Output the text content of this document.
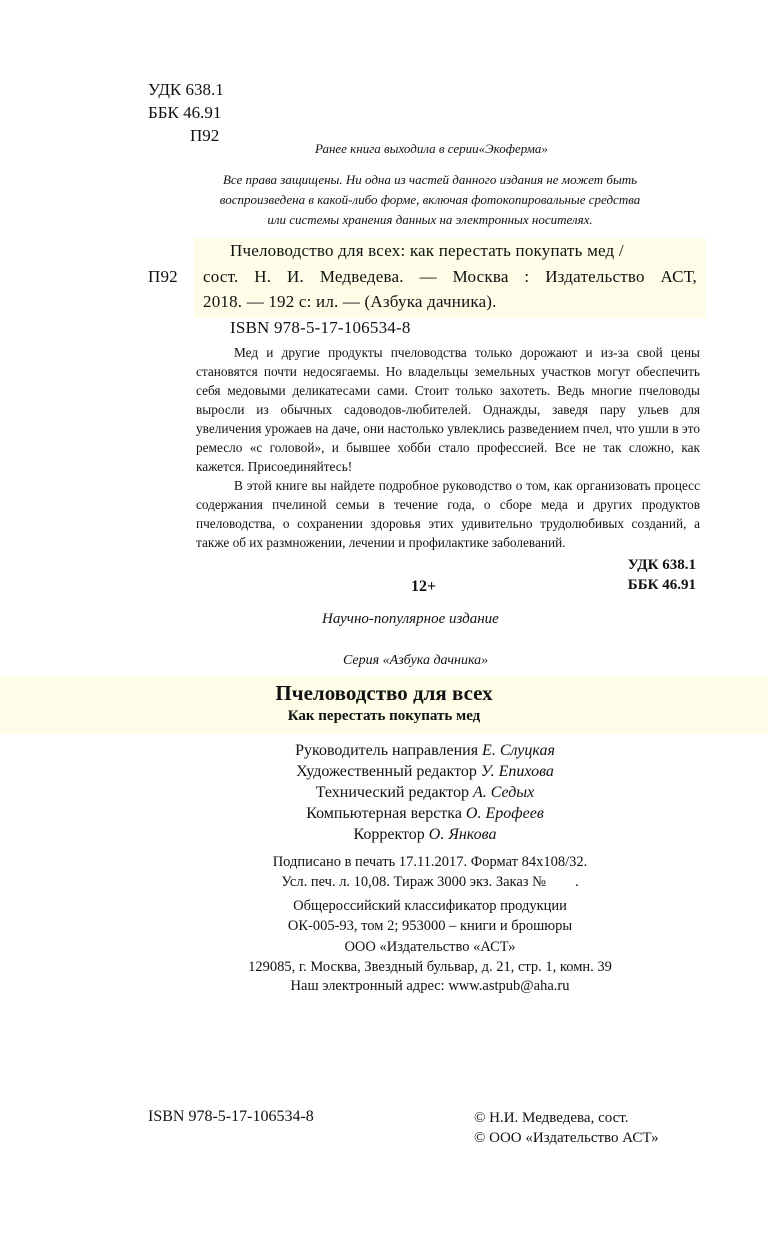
УДК 638.1
ББК 46.91
П92
Ранее книга выходила в серии«Экоферма»
Все права защищены. Ни одна из частей данного издания не может быть
воспроизведена в какой-либо форме, включая фотокопировальные средства
или системы хранения данных на электронных носителях.
Пчеловодство для всех: как перестать покупать мед /
П92 сост. Н. И. Медведева. — Москва : Издательство АСТ,
2018. — 192 с: ил. — (Азбука дачника).
ISBN 978-5-17-106534-8

Мед и другие продукты пчеловодства только дорожают и из-за свой цены становятся почти недосягаемы. Но владельцы земельных участков могут обеспечить себя медовыми деликатесами сами. Стоит только захотеть. Ведь многие пчеловоды выросли из обычных садоводов-любителей. Однажды, заведя пару ульев для увеличения урожаев на даче, они настолько увлеклись разведением пчел, что ушли в это ремесло «с головой», и бывшее хобби стало профессией. Все не так сложно, как кажется. Присоединяйтесь!

В этой книге вы найдете подробное руководство о том, как организовать процесс содержания пчелиной семьи в течение года, о сборе меда и других продуктов пчеловодства, о сохранении здоровья этих удивительно трудолюбивых созданий, а также об их размножении, лечении и профилактике заболеваний.

УДК 638.1
ББК 46.91
12+
Научно-популярное издание
Серия «Азбука дачника»
Пчеловодство для всех
Как перестать покупать мед
Руководитель направления Е. Слуцкая
Художественный редактор У. Епихова
Технический редактор А. Седых
Компьютерная верстка О. Ерофеев
Корректор О. Янкова
Подписано в печать 17.11.2017. Формат 84x108/32.
Усл. печ. л. 10,08. Тираж 3000 экз. Заказ №        .
Общероссийский классификатор продукции
ОК-005-93, том 2; 953000 – книги и брошюры
ООО «Издательство «АСТ»
129085, г. Москва, Звездный бульвар, д. 21, стр. 1, комн. 39
Наш электронный адрес: www.astpub@aha.ru
ISBN 978-5-17-106534-8	© Н.И. Медведева, сост.
© ООО «Издательство АСТ»
